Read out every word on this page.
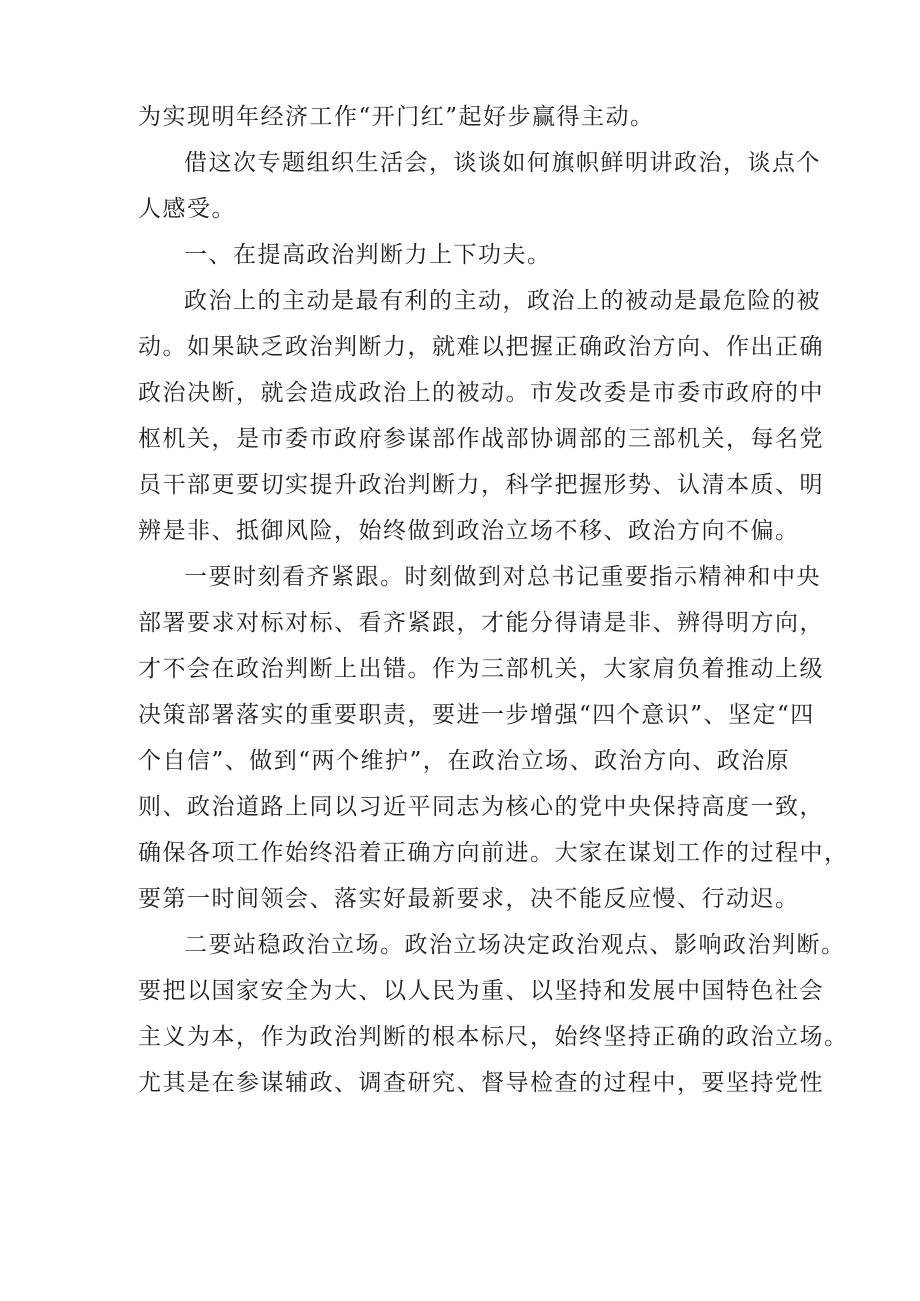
为实现明年经济工作“开门红”起好步赢得主动。
借这次专题组织生活会，谈谈如何旗帜鲜明讲政治，谈点个
人感受。
一、在提高政治判断力上下功夫。
政治上的主动是最有利的主动，政治上的被动是最危险的被
动。如果缺乏政治判断力，就难以把握正确政治方向、作出正确
政治决断，就会造成政治上的被动。市发改委是市委市政府的中
枢机关，是市委市政府参谋部作战部协调部的三部机关，每名党
员干部更要切实提升政治判断力，科学把握形势、认清本质、明
辨是非、抵御风险，始终做到政治立场不移、政治方向不偏。
一要时刻看齐紧跟。时刻做到对总书记重要指示精神和中央
部署要求对标对标、看齐紧跟，才能分得请是非、辨得明方向，
才不会在政治判断上出错。作为三部机关，大家肩负着推动上级
决策部署落实的重要职责，要进一步增强“四个意识”、坚定“四
个自信”、做到“两个维护”，在政治立场、政治方向、政治原
则、政治道路上同以习近平同志为核心的党中央保持高度一致，
确保各项工作始终沿着正确方向前进。大家在谋划工作的过程中，
要第一时间领会、落实好最新要求，决不能反应慢、行动迟。
二要站稳政治立场。政治立场决定政治观点、影响政治判断。
要把以国家安全为大、以人民为重、以坚持和发展中国特色社会
主义为本，作为政治判断的根本标尺，始终坚持正确的政治立场。
尤其是在参谋辅政、调查研究、督导检查的过程中，要坚持党性
